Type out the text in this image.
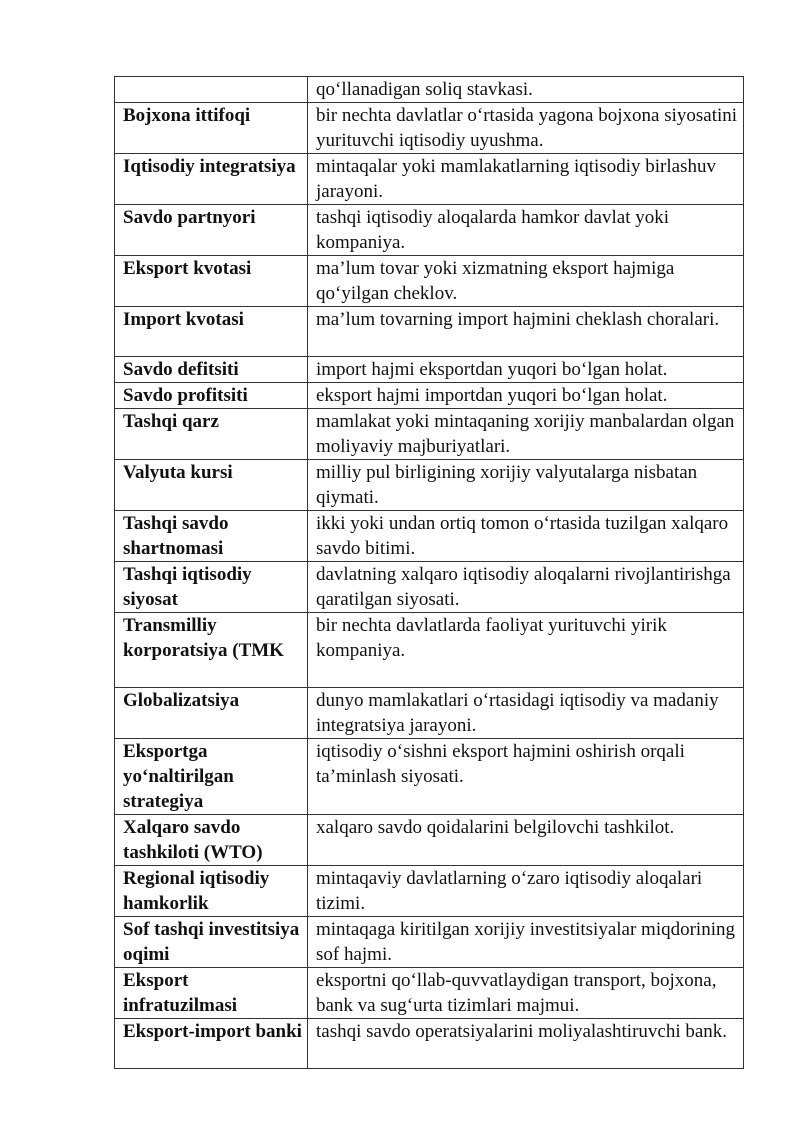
	qo‘llanadigan soliq stavkasi.
Bojxona ittifoqi	bir nechta davlatlar o‘rtasida yagona bojxona siyosatini yurituvchi iqtisodiy uyushma.
Iqtisodiy integratsiya	mintaqalar yoki mamlakatlarning iqtisodiy birlashuv jarayoni.
Savdo partnyori	tashqi iqtisodiy aloqalarda hamkor davlat yoki kompaniya.
Eksport kvotasi	ma’lum tovar yoki xizmatning eksport hajmiga qo‘yilgan cheklov.
Import kvotasi	ma’lum tovarning import hajmini cheklash choralari.
Savdo defitsiti	import hajmi eksportdan yuqori bo‘lgan holat.
Savdo profitsiti	eksport hajmi importdan yuqori bo‘lgan holat.
Tashqi qarz	mamlakat yoki mintaqaning xorijiy manbalardan olgan moliyaviy majburiyatlari.
Valyuta kursi	milliy pul birligining xorijiy valyutalarga nisbatan qiymati.
Tashqi savdo shartnomasi	ikki yoki undan ortiq tomon o‘rtasida tuzilgan xalqaro savdo bitimi.
Tashqi iqtisodiy siyosat	davlatning xalqaro iqtisodiy aloqalarni rivojlantirishga qaratilgan siyosati.
Transmilliy korporatsiya (TMK	bir nechta davlatlarda faoliyat yurituvchi yirik kompaniya.
Globalizatsiya	dunyo mamlakatlari o‘rtasidagi iqtisodiy va madaniy integratsiya jarayoni.
Eksportga yo‘naltirilgan strategiya	iqtisodiy o‘sishni eksport hajmini oshirish orqali ta’minlash siyosati.
Xalqaro savdo tashkiloti (WTO)	xalqaro savdo qoidalarini belgilovchi tashkilot.
Regional iqtisodiy hamkorlik	mintaqaviy davlatlarning o‘zaro iqtisodiy aloqalari tizimi.
Sof tashqi investitsiya oqimi	mintaqaga kiritilgan xorijiy investitsiyalar miqdorining sof hajmi.
Eksport infratuzilmasi	eksportni qo‘llab-quvvatlaydigan transport, bojxona, bank va sug‘urta tizimlari majmui.
Eksport-import banki	tashqi savdo operatsiyalarini moliyalashtiruvchi bank.
